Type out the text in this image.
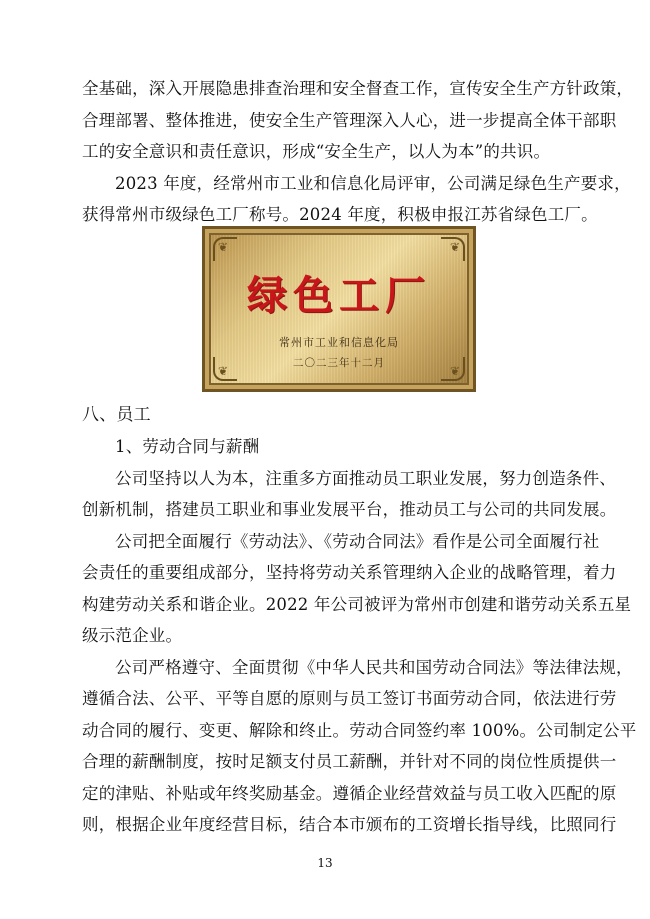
全基础，深入开展隐患排查治理和安全督查工作，宣传安全生产方针政策，
合理部署、整体推进，使安全生产管理深入人心，进一步提高全体干部职
工的安全意识和责任意识，形成“安全生产，以人为本”的共识。
2023 年度，经常州市工业和信息化局评审，公司满足绿色生产要求，
获得常州市级绿色工厂称号。2024 年度，积极申报江苏省绿色工厂。
❦	❦
❦	❦
绿色工厂
常州市工业和信息化局
二〇二三年十二月
八、员工
1、劳动合同与薪酬
公司坚持以人为本，注重多方面推动员工职业发展，努力创造条件、
创新机制，搭建员工职业和事业发展平台，推动员工与公司的共同发展。
公司把全面履行《劳动法》、《劳动合同法》看作是公司全面履行社
会责任的重要组成部分，坚持将劳动关系管理纳入企业的战略管理，着力
构建劳动关系和谐企业。2022 年公司被评为常州市创建和谐劳动关系五星
级示范企业。
公司严格遵守、全面贯彻《中华人民共和国劳动合同法》等法律法规，
遵循合法、公平、平等自愿的原则与员工签订书面劳动合同，依法进行劳
动合同的履行、变更、解除和终止。劳动合同签约率 100%。公司制定公平
合理的薪酬制度，按时足额支付员工薪酬，并针对不同的岗位性质提供一
定的津贴、补贴或年终奖励基金。遵循企业经营效益与员工收入匹配的原
则，根据企业年度经营目标，结合本市颁布的工资增长指导线，比照同行
13
